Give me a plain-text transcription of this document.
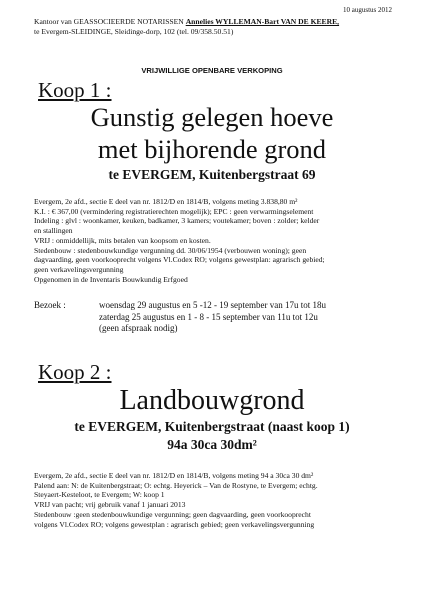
10 augustus 2012
Kantoor van GEASSOCIEERDE NOTARISSEN Annelies WYLLEMAN-Bart VAN DE KEERE,
te Evergem-SLEIDINGE, Sleidinge-dorp, 102 (tel. 09/358.50.51)
VRIJWILLIGE OPENBARE VERKOPING
Koop 1 :
Gunstig gelegen hoeve
met bijhorende grond
te EVERGEM, Kuitenbergstraat 69
Evergem, 2e afd., sectie E deel van nr. 1812/D en 1814/B, volgens meting 3.838,80 m²
K.I. : € 367,00 (vermindering registratierechten mogelijk); EPC : geen verwarmingselement
Indeling : glvl : woonkamer, keuken, badkamer, 3 kamers; voutekamer; boven : zolder; kelder
en stallingen
VRIJ : onmiddellijk, mits betalen van koopsom en kosten.
Stedenbouw : stedenbouwkundige vergunning dd. 30/06/1954 (verbouwen woning); geen
dagvaarding, geen voorkooprecht volgens Vl.Codex RO; volgens gewestplan: agrarisch gebied;
geen verkavelingsvergunning
Opgenomen in de Inventaris Bouwkundig Erfgoed
Bezoek :	woensdag 29 augustus en 5 -12 - 19 september van 17u tot 18u
zaterdag 25 augustus en 1 - 8 - 15 september van 11u tot 12u
(geen afspraak nodig)
Koop 2 :
Landbouwgrond
te EVERGEM, Kuitenbergstraat (naast koop 1)
94a 30ca 30dm²
Evergem, 2e afd., sectie E deel van nr. 1812/D en 1814/B, volgens meting 94 a 30ca 30 dm²
Palend aan: N: de Kuitenbergstraat; O: echtg. Heyerick – Van de Rostyne, te Evergem; echtg.
Steyaert-Kesteloot, te Evergem; W: koop 1
VRIJ van pacht; vrij gebruik vanaf 1 januari 2013
Stedenbouw :geen stedenbouwkundige vergunning; geen dagvaarding, geen voorkooprecht
volgens Vl.Codex RO; volgens gewestplan : agrarisch gebied; geen verkavelingsvergunning
